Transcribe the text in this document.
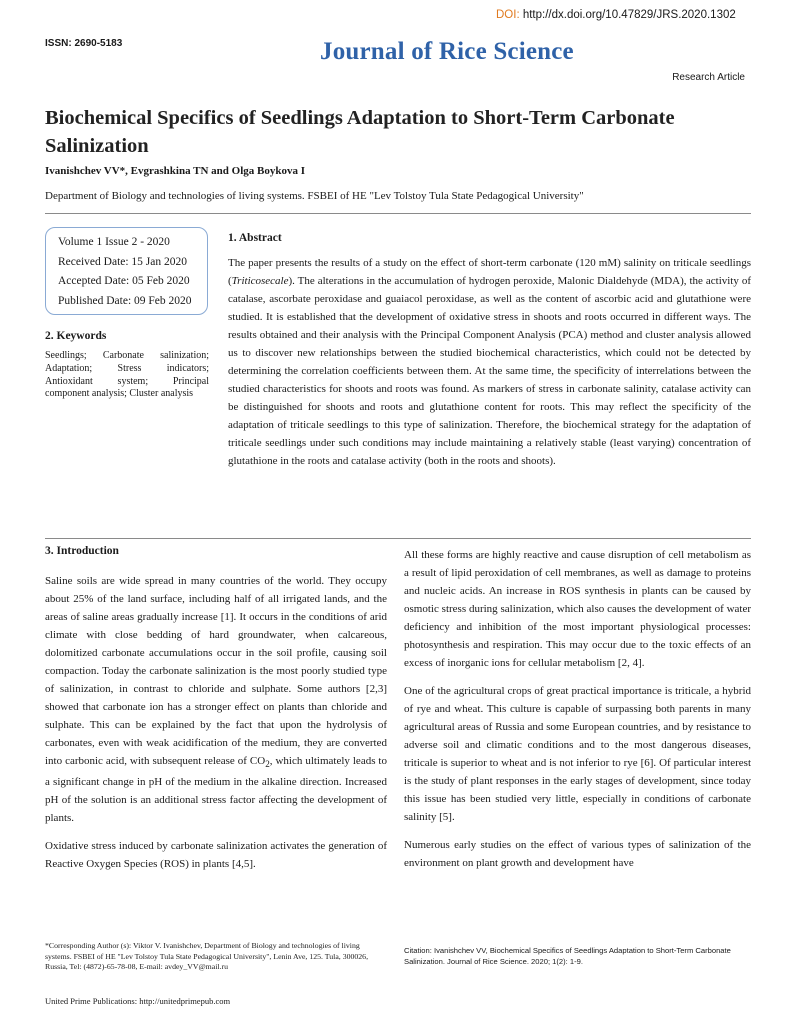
DOI: http://dx.doi.org/10.47829/JRS.2020.1302
ISSN: 2690-5183	Journal of Rice Science
Research Article
Biochemical Specifics of Seedlings Adaptation to Short-Term Carbonate Salinization
Ivanishchev VV*, Evgrashkina TN and Olga Boykova I
Department of Biology and technologies of living systems. FSBEI of HE "Lev Tolstoy Tula State Pedagogical University"
Volume 1 Issue 2 - 2020
Received Date: 15 Jan 2020
Accepted Date: 05 Feb 2020
Published Date: 09 Feb 2020
2. Keywords
Seedlings; Carbonate salinization; Adaptation; Stress indicators; Antioxidant system; Principal component analysis; Cluster analysis
1. Abstract
The paper presents the results of a study on the effect of short-term carbonate (120 mM) salinity on triticale seedlings (Triticosecale). The alterations in the accumulation of hydrogen peroxide, Malonic Dialdehyde (MDA), the activity of catalase, ascorbate peroxidase and guaiacol peroxidase, as well as the content of ascorbic acid and glutathione were studied. It is established that the development of oxidative stress in shoots and roots occurred in different ways. The results obtained and their analysis with the Principal Component Analysis (PCA) method and cluster analysis allowed us to discover new relationships between the studied biochemical characteristics, which could not be detected by determining the correlation coefficients between them. At the same time, the specificity of interrelations between the studied characteristics for shoots and roots was found. As markers of stress in carbonate salinity, catalase activity can be distinguished for shoots and roots and glutathione content for roots. This may reflect the specificity of the adaptation of triticale seedlings to this type of salinization. Therefore, the biochemical strategy for the adaptation of triticale seedlings under such conditions may include maintaining a relatively stable (least varying) concentration of glutathione in the roots and catalase activity (both in the roots and shoots).
3. Introduction

Saline soils are wide spread in many countries of the world. They occupy about 25% of the land surface, including half of all irrigated lands, and the areas of saline areas gradually increase [1]. It occurs in the conditions of arid climate with close bedding of hard groundwater, when calcareous, dolomitized carbonate accumulations occur in the soil profile, causing soil compaction. Today the carbonate salinization is the most poorly studied type of salinization, in contrast to chloride and sulphate. Some authors [2,3] showed that carbonate ion has a stronger effect on plants than chloride and sulphate. This can be explained by the fact that upon the hydrolysis of carbonates, even with weak acidification of the medium, they are converted into carbonic acid, with subsequent release of $CO_2$, which ultimately leads to a significant change in pH of the medium in the alkaline direction. Increased pH of the solution is an additional stress factor affecting the development of plants.

Oxidative stress induced by carbonate salinization activates the generation of Reactive Oxygen Species (ROS) in plants [4,5].

All these forms are highly reactive and cause disruption of cell metabolism as a result of lipid peroxidation of cell membranes, as well as damage to proteins and nucleic acids. An increase in ROS synthesis in plants can be caused by osmotic stress during salinization, which also causes the development of water deficiency and inhibition of the most important physiological processes: photosynthesis and respiration. This may occur due to the toxic effects of an excess of inorganic ions for cellular metabolism [2, 4].

One of the agricultural crops of great practical importance is triticale, a hybrid of rye and wheat. This culture is capable of surpassing both parents in many agricultural areas of Russia and some European countries, and by resistance to adverse soil and climatic conditions and to the most dangerous diseases, triticale is superior to wheat and is not inferior to rye [6]. Of particular interest is the study of plant responses in the early stages of development, since today this issue has been studied very little, especially in conditions of carbonate salinity [5].

Numerous early studies on the effect of various types of salinization of the environment on plant growth and development have

*Corresponding Author (s): Viktor V. Ivanishchev, Department of Biology and technologies of living systems. FSBEI of HE "Lev Tolstoy Tula State Pedagogical University", Lenin Ave, 125. Tula, 300026, Russia, Tel: (4872)-65-78-08, E-mail: avdey_VV@mail.ru
Citation: Ivanishchev VV, Biochemical Specifics of Seedlings Adaptation to Short-Term Carbonate Salinization. Journal of Rice Science. 2020; 1(2): 1-9.
United Prime Publications: http://unitedprimepub.com
